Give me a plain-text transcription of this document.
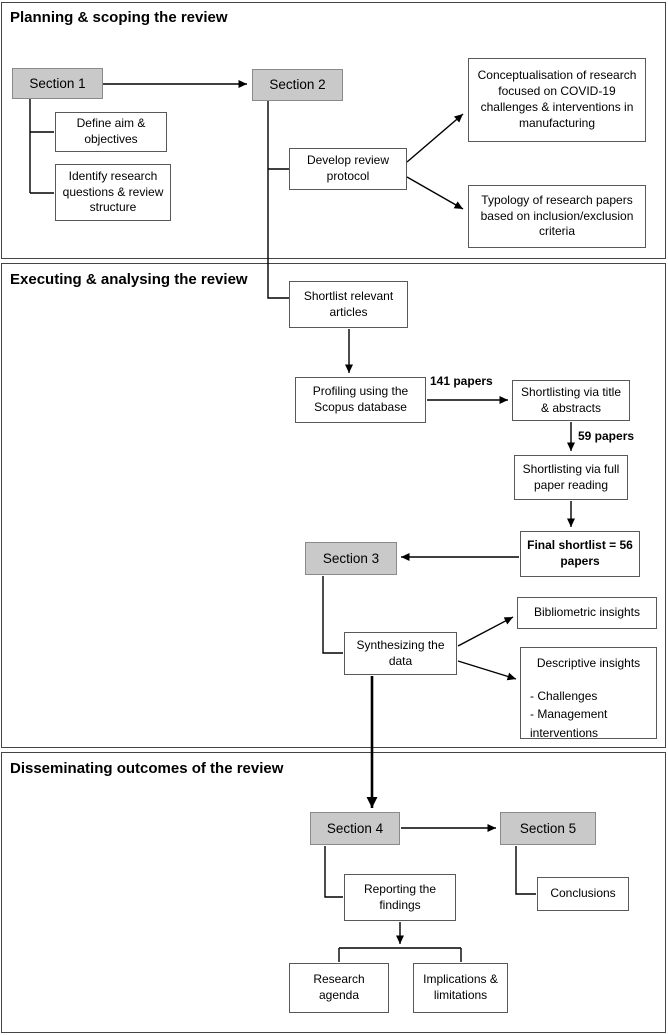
Planning & scoping the review
Executing & analysing the review
Disseminating outcomes of the review
Section 1	Section 2
Define aim & objectives
Identify research questions & review structure
Develop review protocol
Conceptualisation of research focused on COVID-19 challenges & interventions in manufacturing
Typology of research papers based on inclusion/exclusion criteria
Shortlist relevant articles
Profiling using the Scopus database
Shortlisting via title & abstracts
Shortlisting via full paper reading
Final shortlist = 56 papers
Section 3
Synthesizing the data
Bibliometric insights
Descriptive insights
- Challenges
- Management interventions
Section 4	Section 5
Reporting the findings
Conclusions
Research agenda
Implications & limitations
141 papers
59 papers
